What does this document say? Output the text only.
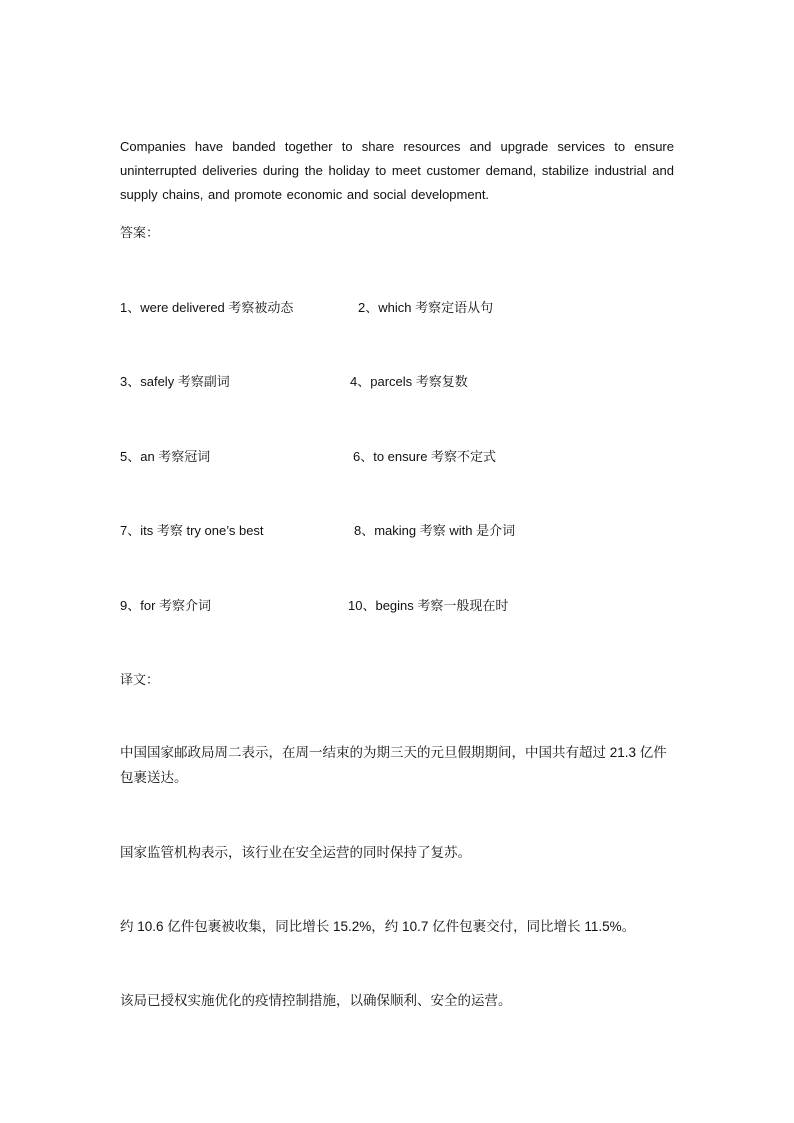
Companies have banded together to share resources and upgrade services to ensure uninterrupted deliveries during the holiday to meet customer demand, stabilize industrial and supply chains, and promote economic and social development.
答案：
1、were delivered 考察被动态	2、which 考察定语从句
3、safely 考察副词	4、parcels 考察复数
5、an 考察冠词	6、to ensure 考察不定式
7、its 考察 try one’s best	8、making 考察 with 是介词
9、for 考察介词	10、begins 考察一般现在时
译文：
中国国家邮政局周二表示，在周一结束的为期三天的元旦假期期间，中国共有超过 21.3 亿件包裹送达。
国家监管机构表示，该行业在安全运营的同时保持了复苏。
约 10.6 亿件包裹被收集，同比增长 15.2%，约 10.7 亿件包裹交付，同比增长 11.5%。
该局已授权实施优化的疫情控制措施，以确保顺利、安全的运营。
